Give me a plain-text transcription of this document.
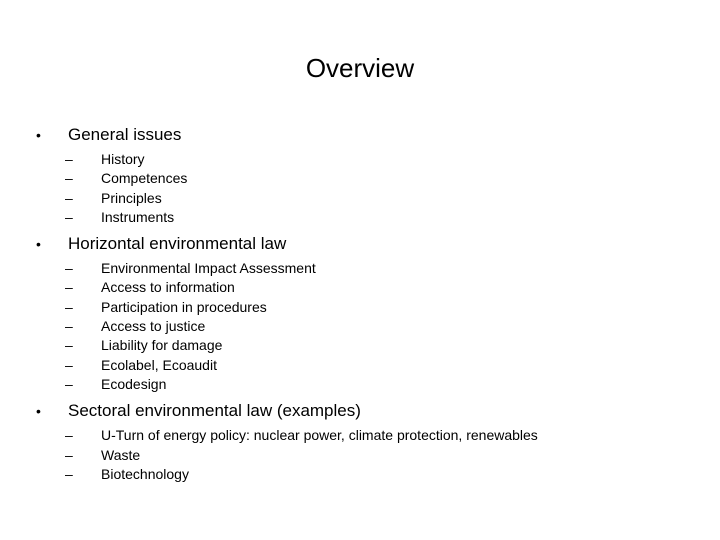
Overview
•	General issues
–	History
–	Competences
–	Principles
–	Instruments
•	Horizontal environmental law
–	Environmental Impact Assessment
–	Access to information
–	Participation in procedures
–	Access to justice
–	Liability for damage
–	Ecolabel, Ecoaudit
–	Ecodesign
•	Sectoral environmental law (examples)
–	U-Turn of energy policy: nuclear power, climate protection, renewables
–	Waste
–	Biotechnology
